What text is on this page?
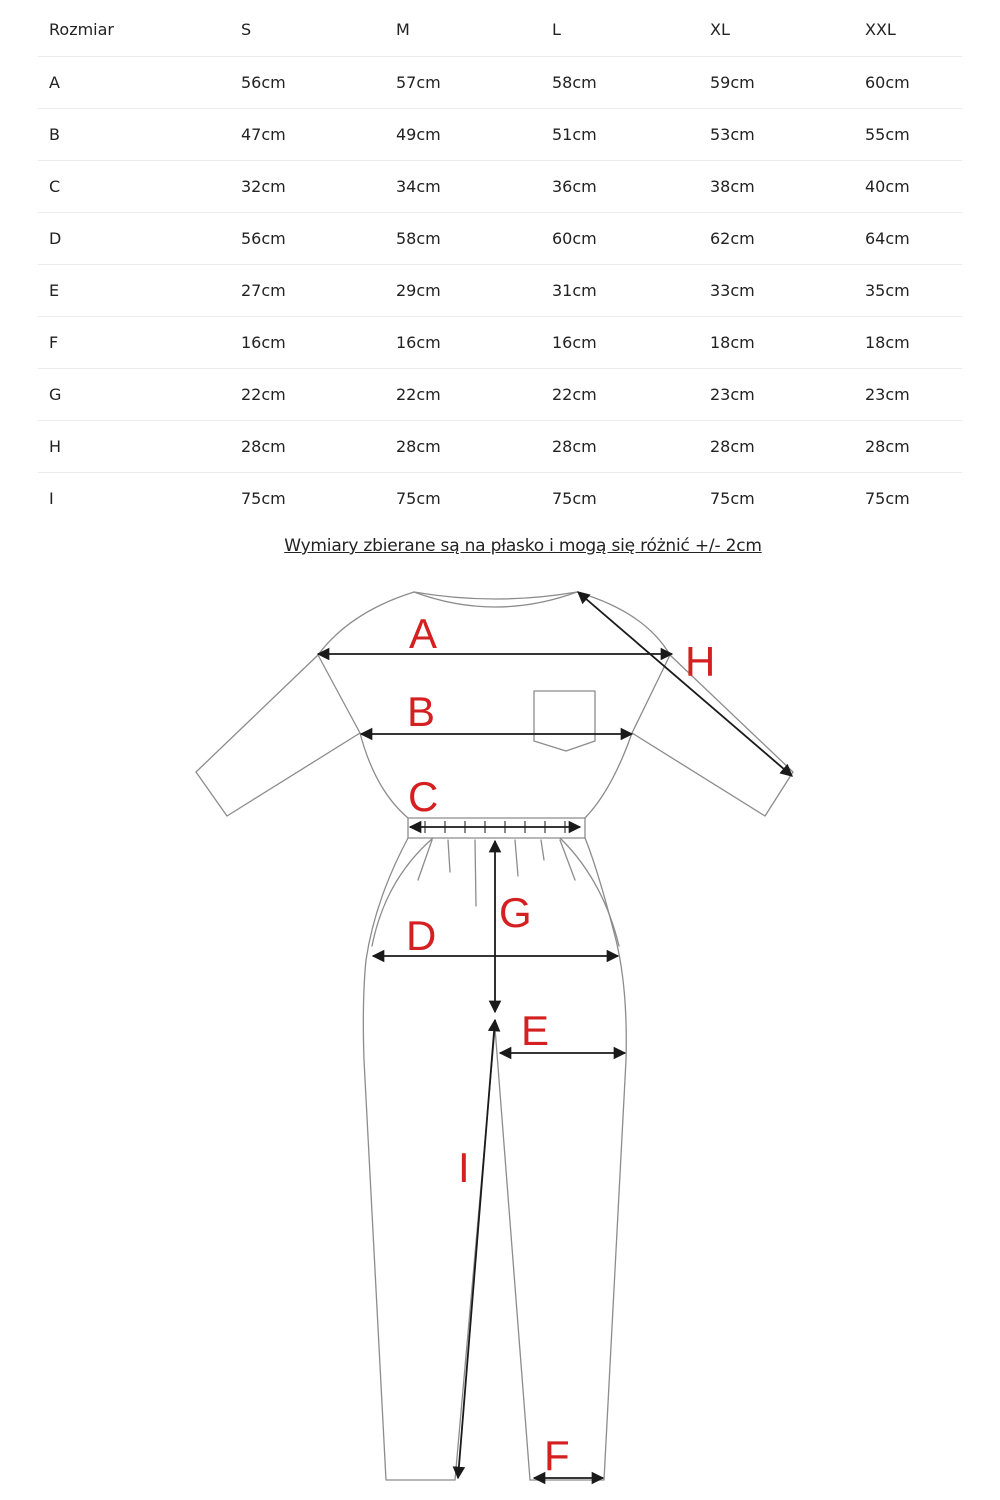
Rozmiar	S	M	L	XL	XXL
A	56cm	57cm	58cm	59cm	60cm
B	47cm	49cm	51cm	53cm	55cm
C	32cm	34cm	36cm	38cm	40cm
D	56cm	58cm	60cm	62cm	64cm
E	27cm	29cm	31cm	33cm	35cm
F	16cm	16cm	16cm	18cm	18cm
G	22cm	22cm	22cm	23cm	23cm
H	28cm	28cm	28cm	28cm	28cm
I	75cm	75cm	75cm	75cm	75cm
Wymiary zbierane są na płasko i mogą się różnić +/- 2cm
A
B
C
D
E
F
G
H
I
